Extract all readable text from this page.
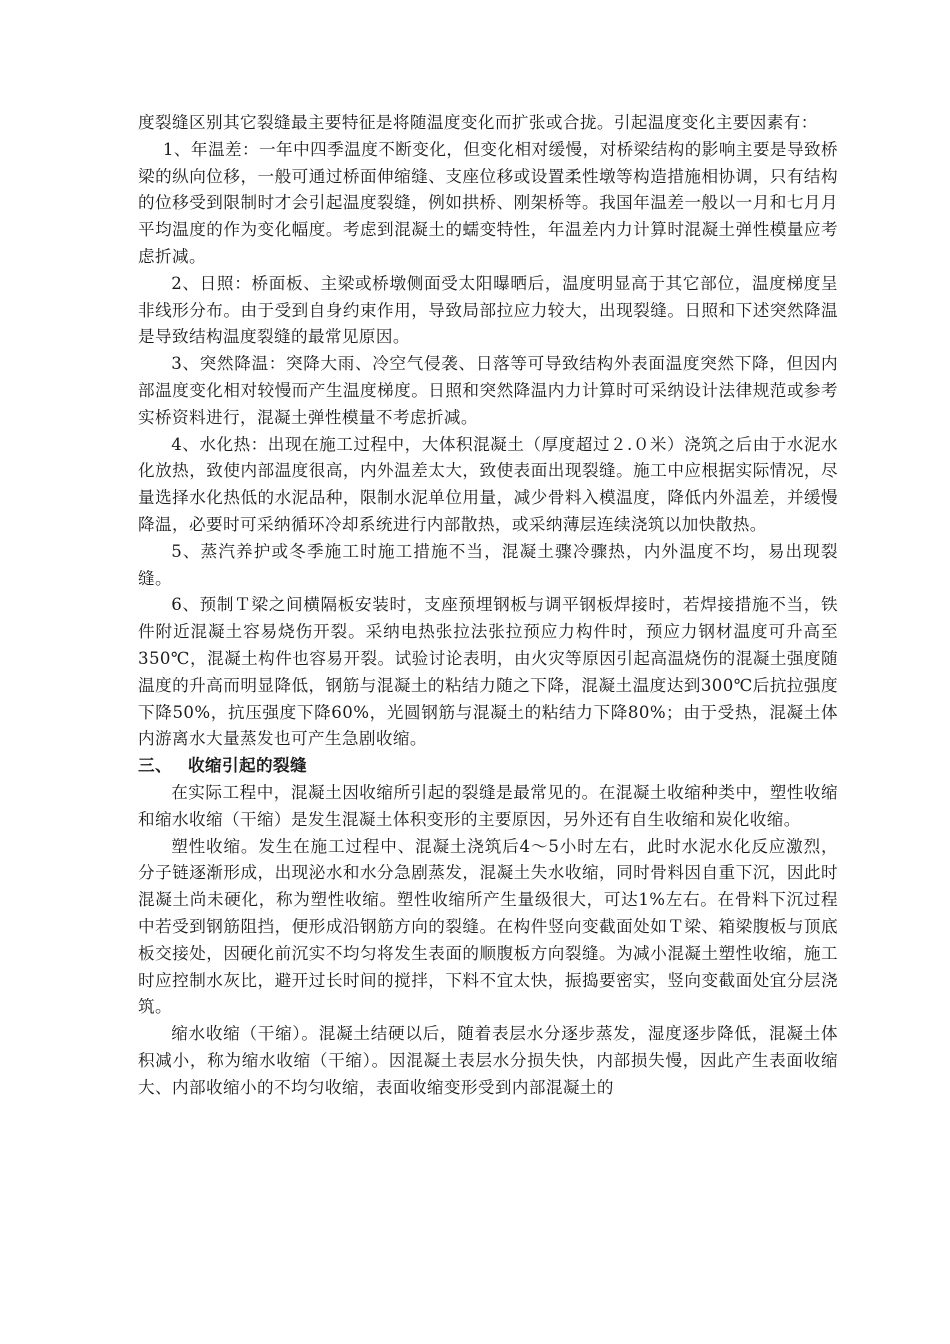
度裂缝区别其它裂缝最主要特征是将随温度变化而扩张或合拢。引起温度变化主要因素有：

1、年温差：一年中四季温度不断变化，但变化相对缓慢，对桥梁结构的影响主要是导致桥梁的纵向位移，一般可通过桥面伸缩缝、支座位移或设置柔性墩等构造措施相协调，只有结构的位移受到限制时才会引起温度裂缝，例如拱桥、刚架桥等。我国年温差一般以一月和七月月平均温度的作为变化幅度。考虑到混凝土的蠕变特性，年温差内力计算时混凝土弹性模量应考虑折减。

2、日照：桥面板、主梁或桥墩侧面受太阳曝晒后，温度明显高于其它部位，温度梯度呈非线形分布。由于受到自身约束作用，导致局部拉应力较大，出现裂缝。日照和下述突然降温是导致结构温度裂缝的最常见原因。

3、突然降温：突降大雨、冷空气侵袭、日落等可导致结构外表面温度突然下降，但因内部温度变化相对较慢而产生温度梯度。日照和突然降温内力计算时可采纳设计法律规范或参考实桥资料进行，混凝土弹性模量不考虑折减。

4、水化热：出现在施工过程中，大体积混凝土（厚度超过２.０米）浇筑之后由于水泥水化放热，致使内部温度很高，内外温差太大，致使表面出现裂缝。施工中应根据实际情况，尽量选择水化热低的水泥品种，限制水泥单位用量，减少骨料入模温度，降低内外温差，并缓慢降温，必要时可采纳循环冷却系统进行内部散热，或采纳薄层连续浇筑以加快散热。

5、蒸汽养护或冬季施工时施工措施不当，混凝土骤冷骤热，内外温度不均，易出现裂缝。

6、预制Ｔ梁之间横隔板安装时，支座预埋钢板与调平钢板焊接时，若焊接措施不当，铁件附近混凝土容易烧伤开裂。采纳电热张拉法张拉预应力构件时，预应力钢材温度可升高至350℃，混凝土构件也容易开裂。试验讨论表明，由火灾等原因引起高温烧伤的混凝土强度随温度的升高而明显降低，钢筋与混凝土的粘结力随之下降，混凝土温度达到300℃后抗拉强度下降50%，抗压强度下降60%，光圆钢筋与混凝土的粘结力下降80%；由于受热，混凝土体内游离水大量蒸发也可产生急剧收缩。

三、 收缩引起的裂缝

在实际工程中，混凝土因收缩所引起的裂缝是最常见的。在混凝土收缩种类中，塑性收缩和缩水收缩（干缩）是发生混凝土体积变形的主要原因，另外还有自生收缩和炭化收缩。

塑性收缩。发生在施工过程中、混凝土浇筑后4～5小时左右，此时水泥水化反应激烈，分子链逐渐形成，出现泌水和水分急剧蒸发，混凝土失水收缩，同时骨料因自重下沉，因此时混凝土尚未硬化，称为塑性收缩。塑性收缩所产生量级很大，可达1%左右。在骨料下沉过程中若受到钢筋阻挡，便形成沿钢筋方向的裂缝。在构件竖向变截面处如Ｔ梁、箱梁腹板与顶底板交接处，因硬化前沉实不均匀将发生表面的顺腹板方向裂缝。为减小混凝土塑性收缩，施工时应控制水灰比，避开过长时间的搅拌，下料不宜太快，振捣要密实，竖向变截面处宜分层浇筑。

缩水收缩（干缩）。混凝土结硬以后，随着表层水分逐步蒸发，湿度逐步降低，混凝土体积减小，称为缩水收缩（干缩）。因混凝土表层水分损失快，内部损失慢，因此产生表面收缩大、内部收缩小的不均匀收缩，表面收缩变形受到内部混凝土的
